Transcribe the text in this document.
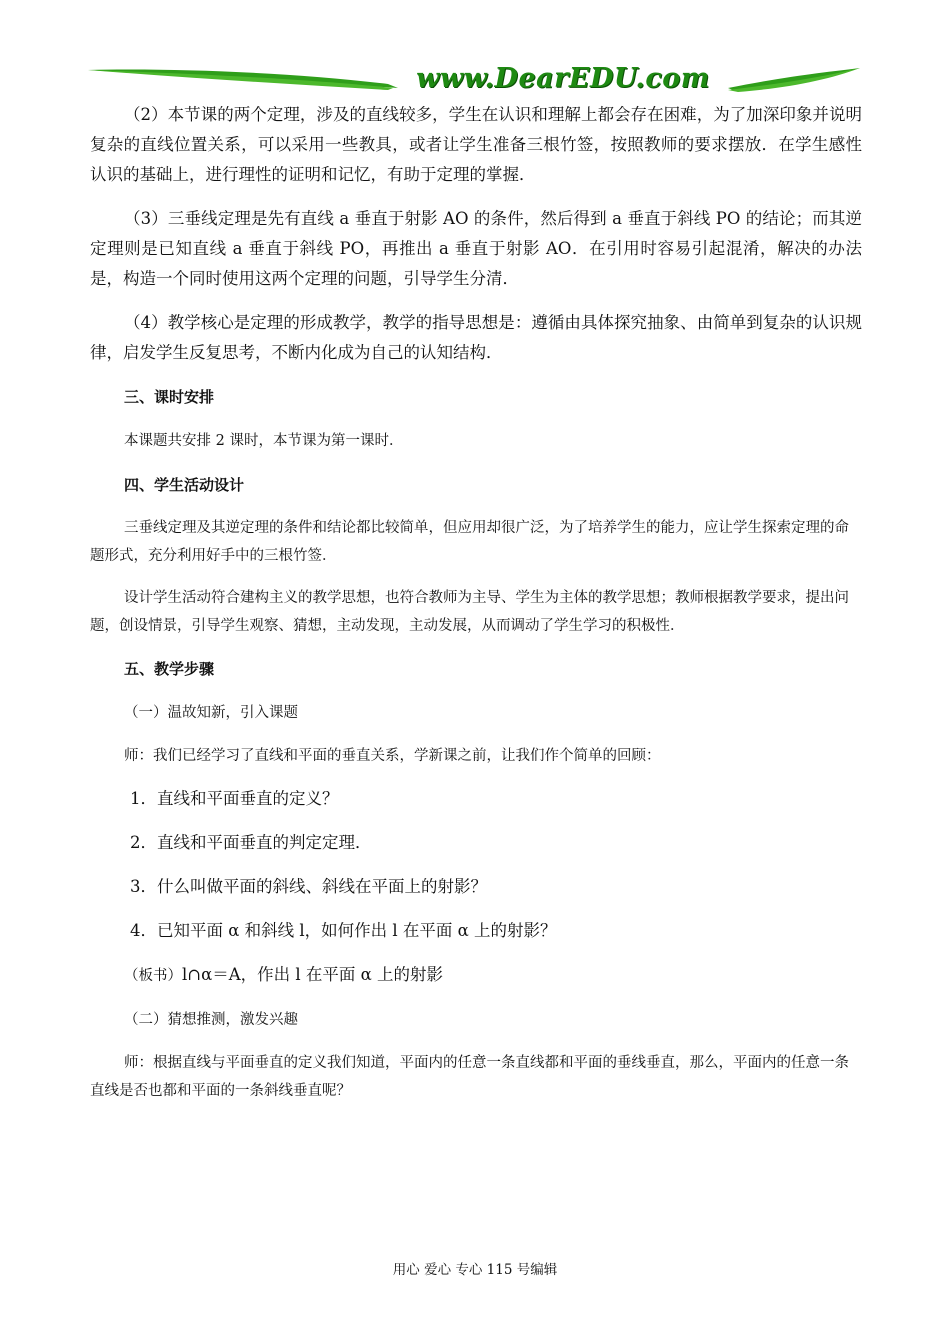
www.DearEDU.com

（2）本节课的两个定理，涉及的直线较多，学生在认识和理解上都会存在困难，为了加深印象并说明复杂的直线位置关系，可以采用一些教具，或者让学生准备三根竹签，按照教师的要求摆放．在学生感性认识的基础上，进行理性的证明和记忆，有助于定理的掌握．

（3）三垂线定理是先有直线 a 垂直于射影 AO 的条件，然后得到 a 垂直于斜线 PO 的结论；而其逆定理则是已知直线 a 垂直于斜线 PO，再推出 a 垂直于射影 AO．在引用时容易引起混淆，解决的办法是，构造一个同时使用这两个定理的问题，引导学生分清．

（4）教学核心是定理的形成教学，教学的指导思想是：遵循由具体探究抽象、由简单到复杂的认识规律，启发学生反复思考，不断内化成为自己的认知结构．

三、课时安排

本课题共安排 2 课时，本节课为第一课时．

四、学生活动设计

三垂线定理及其逆定理的条件和结论都比较简单，但应用却很广泛，为了培养学生的能力，应让学生探索定理的命题形式，充分利用好手中的三根竹签．

设计学生活动符合建构主义的教学思想，也符合教师为主导、学生为主体的教学思想；教师根据教学要求，提出问题，创设情景，引导学生观察、猜想，主动发现，主动发展，从而调动了学生学习的积极性．

五、教学步骤

（一）温故知新，引入课题

师：我们已经学习了直线和平面的垂直关系，学新课之前，让我们作个简单的回顾：

1．直线和平面垂直的定义？

2．直线和平面垂直的判定定理．

3．什么叫做平面的斜线、斜线在平面上的射影？

4．已知平面 α 和斜线 l，如何作出 l 在平面 α 上的射影？

（板书）l∩α＝A，作出 l 在平面 α 上的射影

（二）猜想推测，激发兴趣

师：根据直线与平面垂直的定义我们知道，平面内的任意一条直线都和平面的垂线垂直，那么，平面内的任意一条直线是否也都和平面的一条斜线垂直呢？

用心 爱心 专心 115 号编辑
